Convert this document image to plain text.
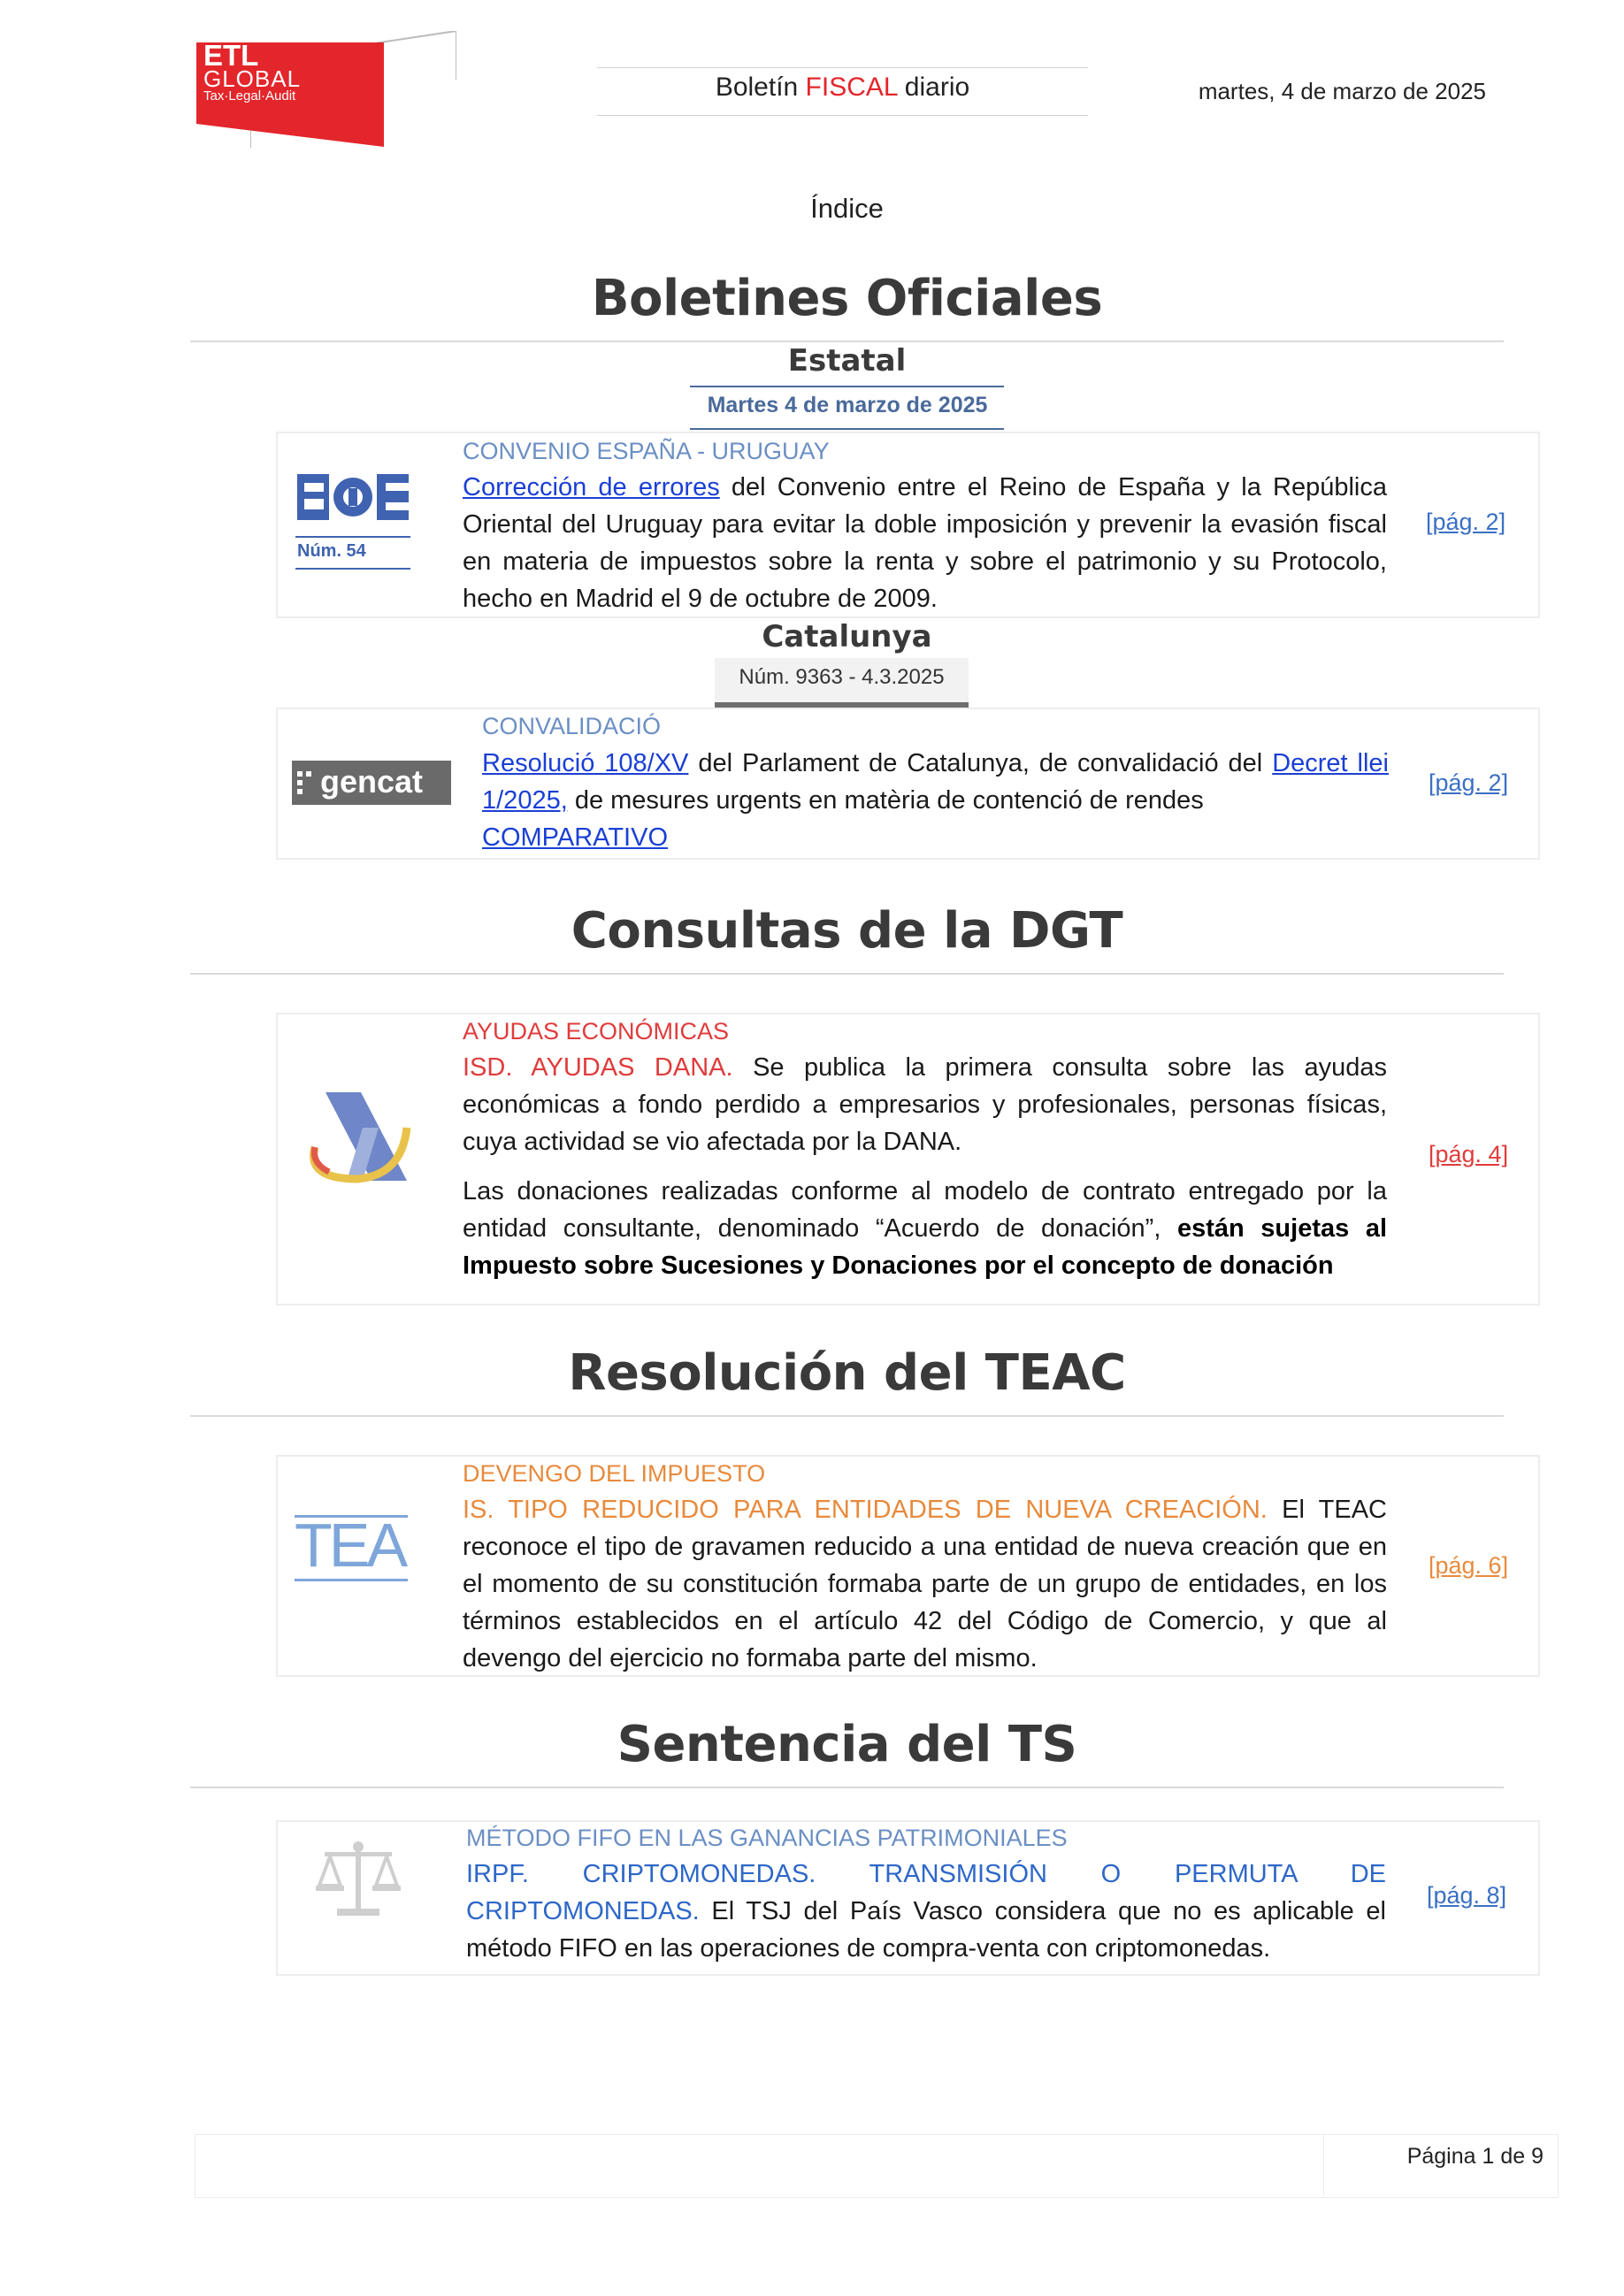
ETL
GLOBAL
Tax·Legal·Audit	Boletín FISCAL diario	martes, 4 de marzo de 2025
Índice
Boletines Oficiales
Estatal
Martes 4 de marzo de 2025
Núm. 54
CONVENIO ESPAÑA - URUGUAY
Corrección de errores del Convenio entre el Reino de España y la República Oriental del Uruguay para evitar la doble imposición y prevenir la evasión fiscal en materia de impuestos sobre la renta y sobre el patrimonio y su Protocolo, hecho en Madrid el 9 de octubre de 2009.
[pág. 2]
Catalunya
Núm. 9363 - 4.3.2025
gencat
CONVALIDACIÓ
Resolució 108/XV del Parlament de Catalunya, de convalidació del Decret llei 1/2025, de mesures urgents en matèria de contenció de rendes
COMPARATIVO
[pág. 2]
Consultas de la DGT
AYUDAS ECONÓMICAS
ISD. AYUDAS DANA. Se publica la primera consulta sobre las ayudas económicas a fondo perdido a empresarios y profesionales, personas físicas, cuya actividad se vio afectada por la DANA.
Las donaciones realizadas conforme al modelo de contrato entregado por la entidad consultante, denominado “Acuerdo de donación”, están sujetas al Impuesto sobre Sucesiones y Donaciones por el concepto de donación
[pág. 4]
Resolución del TEAC
TEA
DEVENGO DEL IMPUESTO
IS. TIPO REDUCIDO PARA ENTIDADES DE NUEVA CREACIÓN. El TEAC reconoce el tipo de gravamen reducido a una entidad de nueva creación que en el momento de su constitución formaba parte de un grupo de entidades, en los términos establecidos en el artículo 42 del Código de Comercio, y que al devengo del ejercicio no formaba parte del mismo.
[pág. 6]
Sentencia del TS
MÉTODO FIFO EN LAS GANANCIAS PATRIMONIALES
IRPF. CRIPTOMONEDAS. TRANSMISIÓN O PERMUTA DE CRIPTOMONEDAS. El TSJ del País Vasco considera que no es aplicable el método FIFO en las operaciones de compra-venta con criptomonedas.
[pág. 8]
Página 1 de 9
